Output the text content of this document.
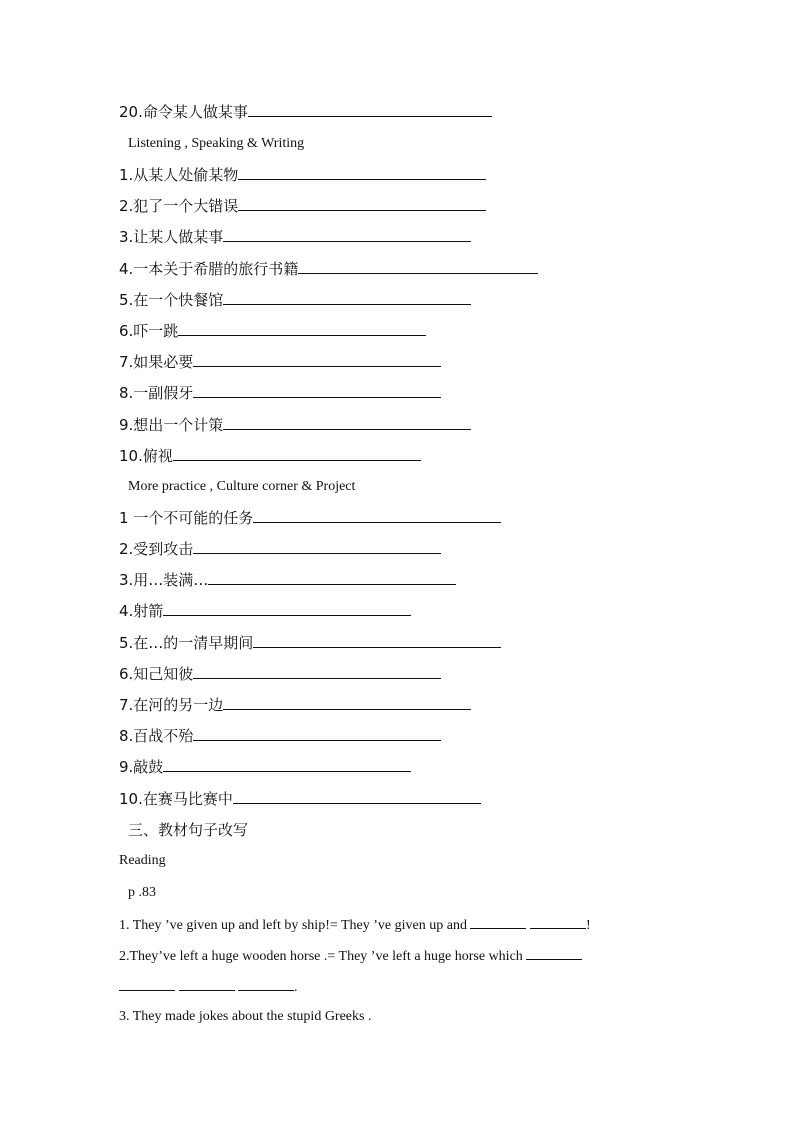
20.命令某人做某事
Listening , Speaking & Writing
1.从某人处偷某物
2.犯了一个大错误
3.让某人做某事
4.一本关于希腊的旅行书籍
5.在一个快餐馆
6.吓一跳
7.如果必要
8.一副假牙
9.想出一个计策
10.俯视
More practice , Culture corner & Project
1 一个不可能的任务
2.受到攻击
3.用…装满…
4.射箭
5.在…的一清早期间
6.知己知彼
7.在河的另一边
8.百战不殆
9.敲鼓
10.在赛马比赛中
三、教材句子改写
Reading
p .83
1. They ’ve given up and left by ship!= They ’ve given up and	!
2.They’ve left a huge wooden horse .= They ’ve left a huge horse which
.
3. They made jokes about the stupid Greeks .
